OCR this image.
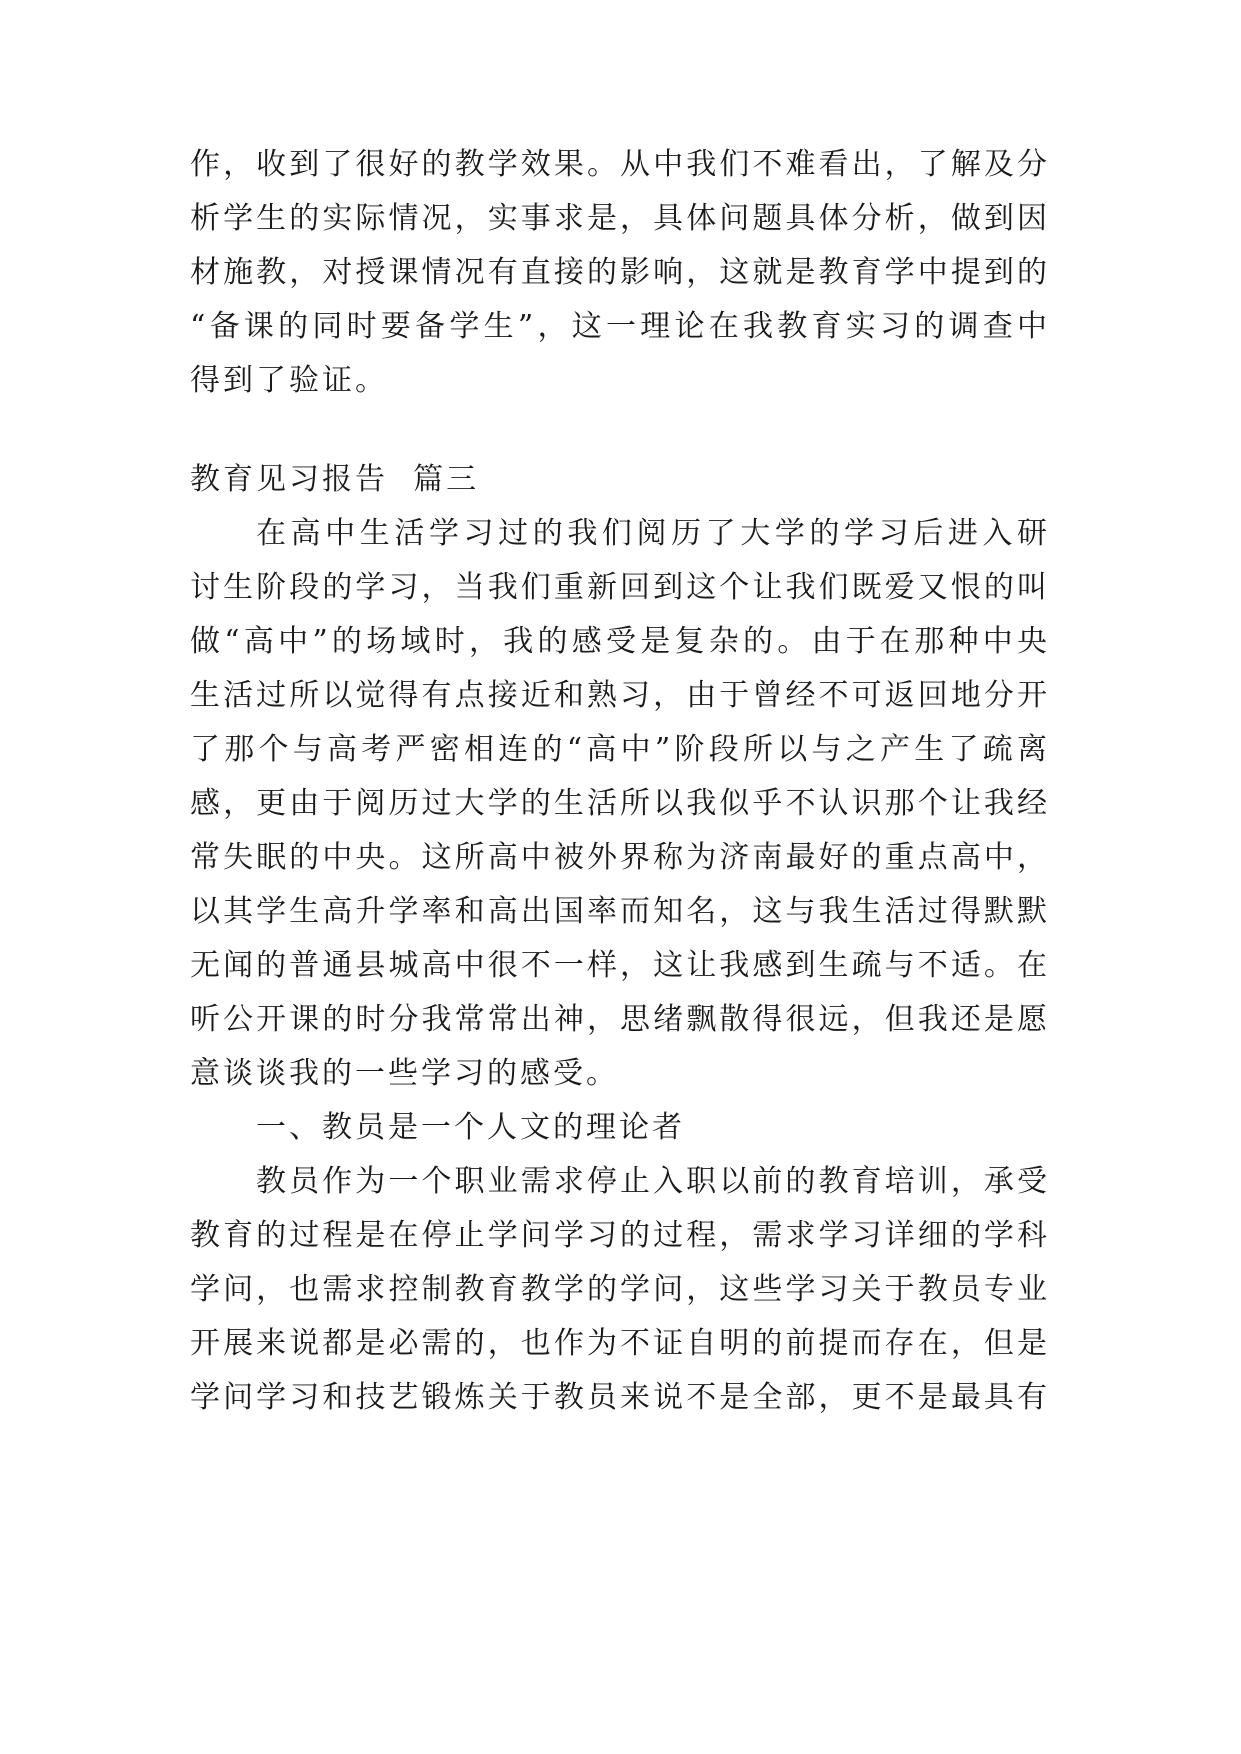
作，收到了很好的教学效果。从中我们不难看出，了解及分
析学生的实际情况，实事求是，具体问题具体分析，做到因
材施教，对授课情况有直接的影响，这就是教育学中提到的
“备课的同时要备学生”，这一理论在我教育实习的调查中
得到了验证。
教育见习报告  篇三
在高中生活学习过的我们阅历了大学的学习后进入研
讨生阶段的学习，当我们重新回到这个让我们既爱又恨的叫
做“高中”的场域时，我的感受是复杂的。由于在那种中央
生活过所以觉得有点接近和熟习，由于曾经不可返回地分开
了那个与高考严密相连的“高中”阶段所以与之产生了疏离
感，更由于阅历过大学的生活所以我似乎不认识那个让我经
常失眠的中央。这所高中被外界称为济南最好的重点高中，
以其学生高升学率和高出国率而知名，这与我生活过得默默
无闻的普通县城高中很不一样，这让我感到生疏与不适。在
听公开课的时分我常常出神，思绪飘散得很远，但我还是愿
意谈谈我的一些学习的感受。
一、教员是一个人文的理论者
教员作为一个职业需求停止入职以前的教育培训，承受
教育的过程是在停止学问学习的过程，需求学习详细的学科
学问，也需求控制教育教学的学问，这些学习关于教员专业
开展来说都是必需的，也作为不证自明的前提而存在，但是
学问学习和技艺锻炼关于教员来说不是全部，更不是最具有
